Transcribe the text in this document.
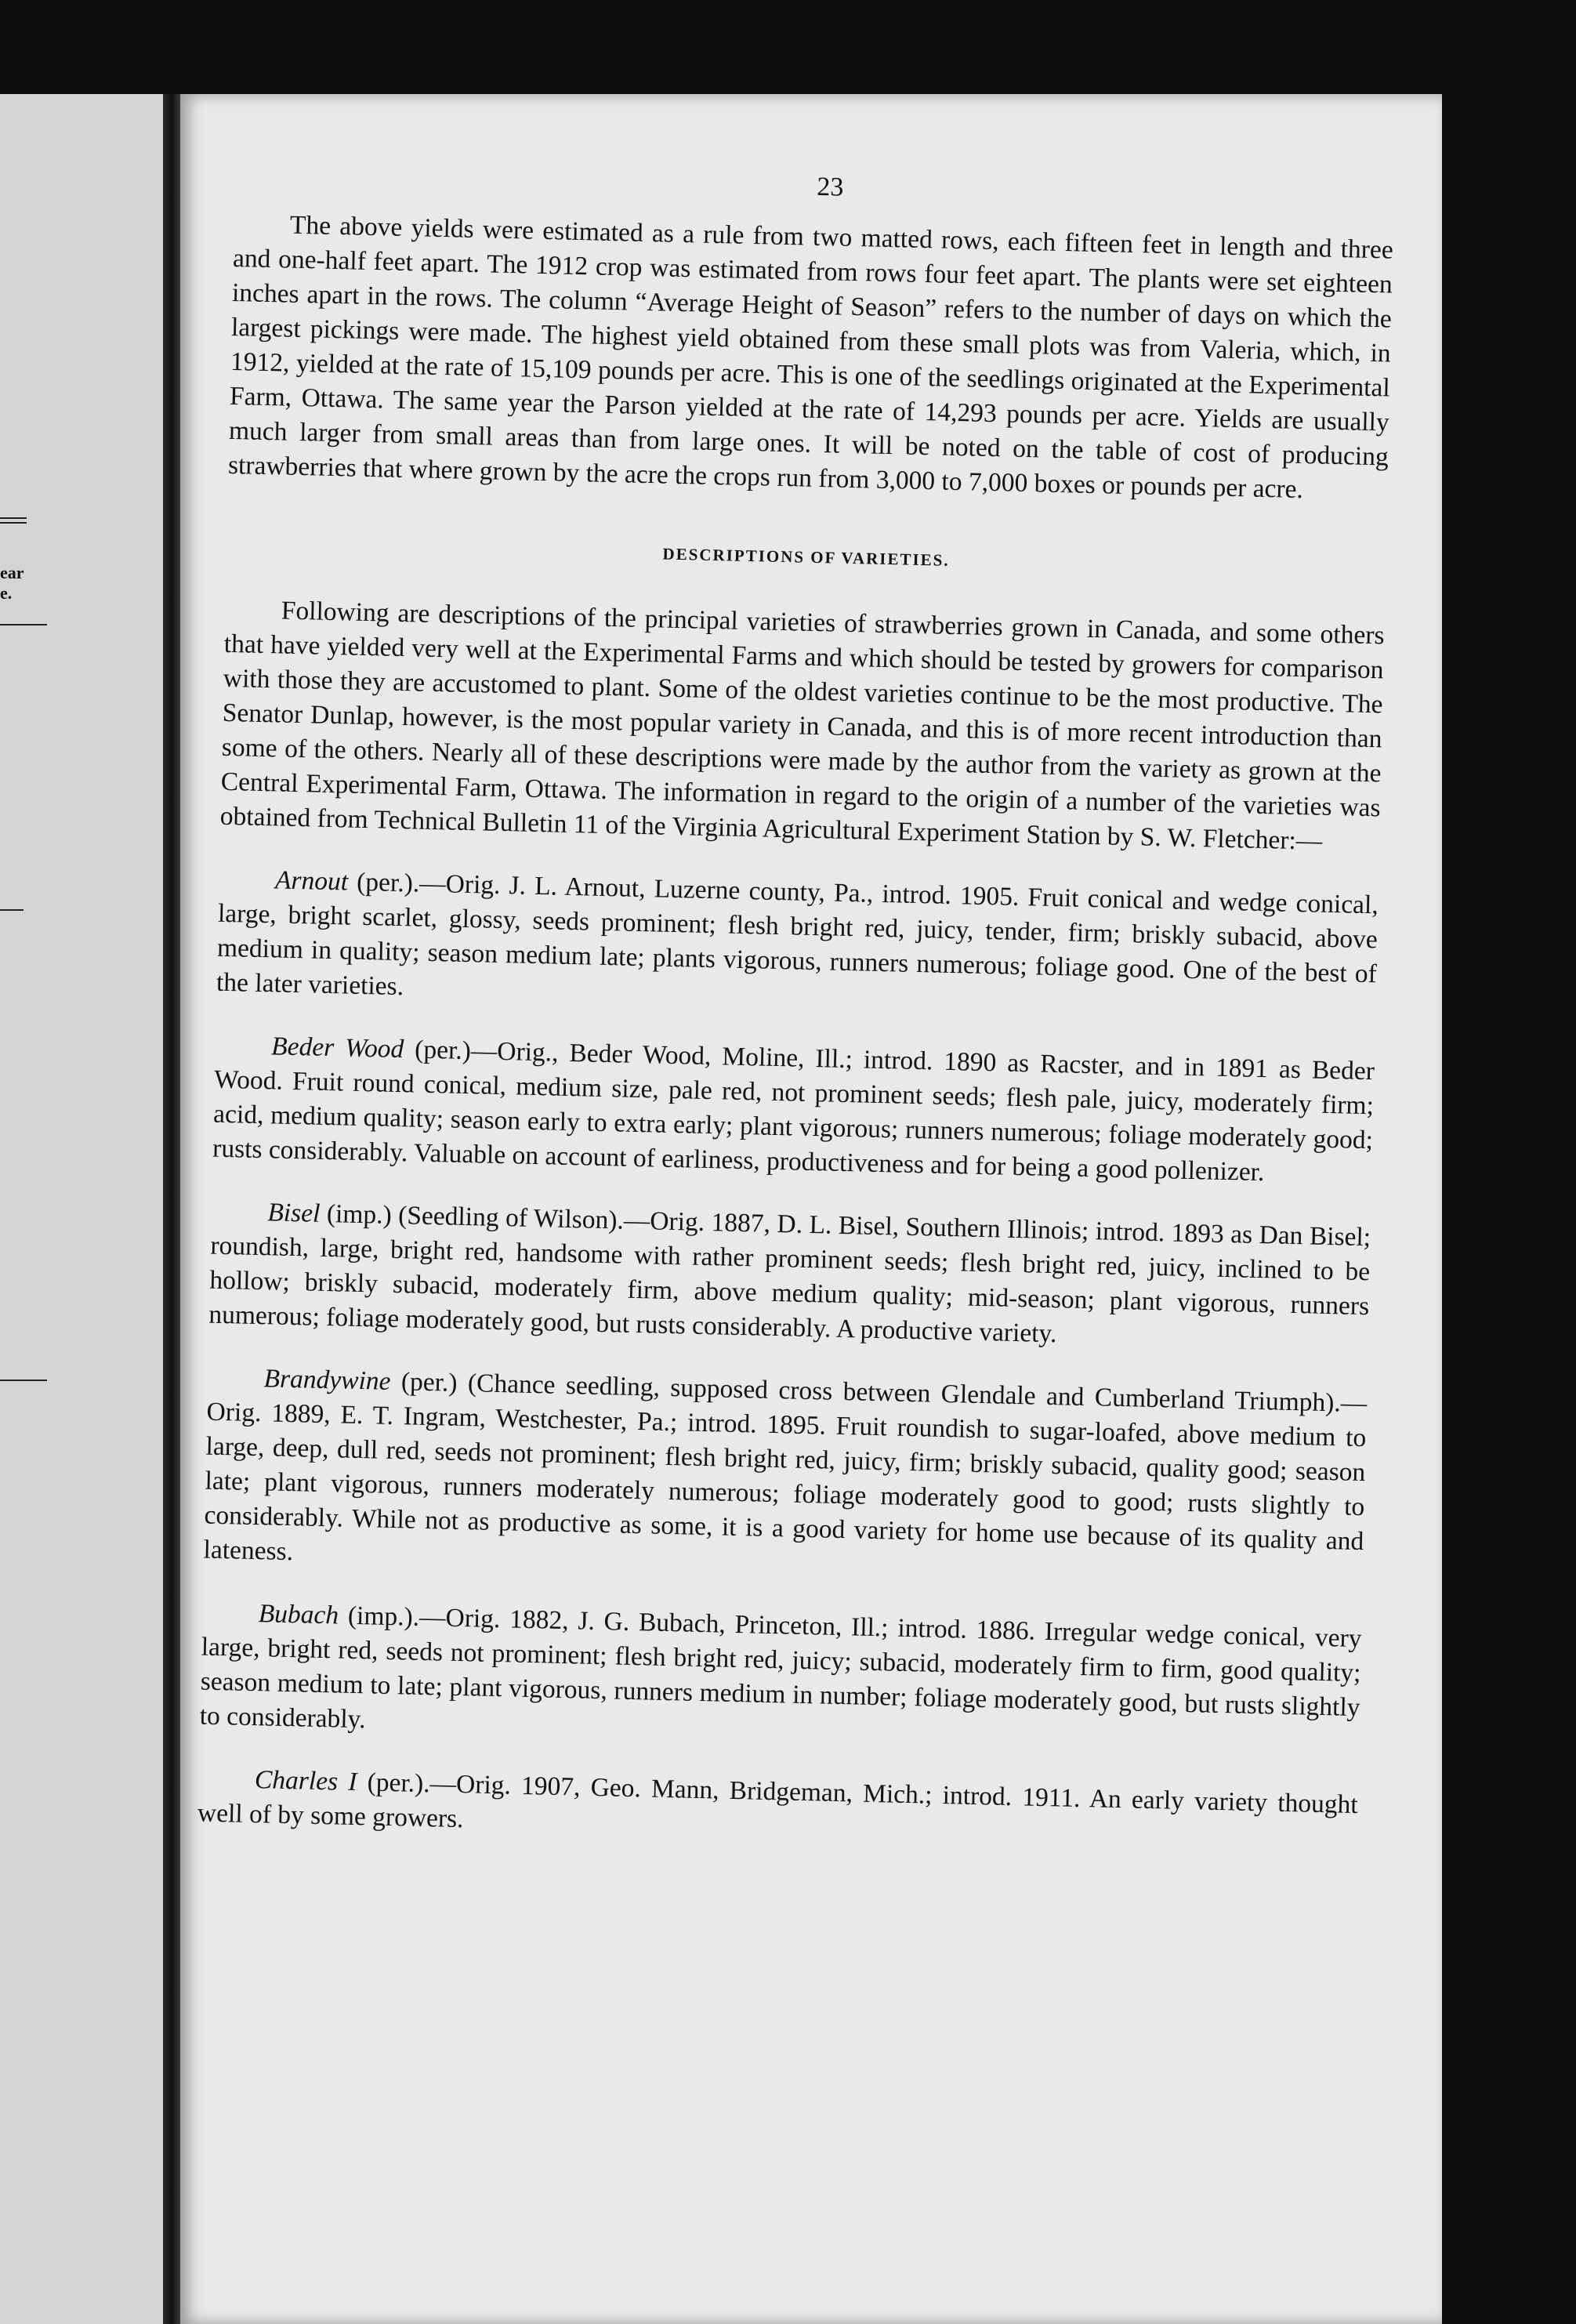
ear
e.
23

The above yields were estimated as a rule from two matted rows, each fifteen feet in length and three and one-half feet apart. The 1912 crop was estimated from rows four feet apart. The plants were set eighteen inches apart in the rows. The column “Average Height of Season” refers to the number of days on which the largest pickings were made. The highest yield obtained from these small plots was from Valeria, which, in 1912, yielded at the rate of 15,109 pounds per acre. This is one of the seedlings originated at the Experimental Farm, Ottawa. The same year the Parson yielded at the rate of 14,293 pounds per acre. Yields are usually much larger from small areas than from large ones. It will be noted on the table of cost of producing strawberries that where grown by the acre the crops run from 3,000 to 7,000 boxes or pounds per acre.

DESCRIPTIONS OF VARIETIES.

Following are descriptions of the principal varieties of strawberries grown in Canada, and some others that have yielded very well at the Experimental Farms and which should be tested by growers for comparison with those they are accustomed to plant. Some of the oldest varieties continue to be the most productive. The Senator Dunlap, however, is the most popular variety in Canada, and this is of more recent introduction than some of the others. Nearly all of these descriptions were made by the author from the variety as grown at the Central Experimental Farm, Ottawa. The information in regard to the origin of a number of the varieties was obtained from Technical Bulletin 11 of the Virginia Agricultural Experiment Station by S. W. Fletcher:—

Arnout (per.).—Orig. J. L. Arnout, Luzerne county, Pa., introd. 1905. Fruit conical and wedge conical, large, bright scarlet, glossy, seeds prominent; flesh bright red, juicy, tender, firm; briskly subacid, above medium in quality; season medium late; plants vigorous, runners numerous; foliage good. One of the best of the later varieties.

Beder Wood (per.)—Orig., Beder Wood, Moline, Ill.; introd. 1890 as Racster, and in 1891 as Beder Wood. Fruit round conical, medium size, pale red, not prominent seeds; flesh pale, juicy, moderately firm; acid, medium quality; season early to extra early; plant vigorous; runners numerous; foliage moderately good; rusts considerably. Valuable on account of earliness, productiveness and for being a good pollenizer.

Bisel (imp.) (Seedling of Wilson).—Orig. 1887, D. L. Bisel, Southern Illinois; introd. 1893 as Dan Bisel; roundish, large, bright red, handsome with rather prominent seeds; flesh bright red, juicy, inclined to be hollow; briskly subacid, moderately firm, above medium quality; mid-season; plant vigorous, runners numerous; foliage moderately good, but rusts considerably. A productive variety.

Brandywine (per.) (Chance seedling, supposed cross between Glendale and Cumberland Triumph).—Orig. 1889, E. T. Ingram, Westchester, Pa.; introd. 1895. Fruit roundish to sugar-loafed, above medium to large, deep, dull red, seeds not prominent; flesh bright red, juicy, firm; briskly subacid, quality good; season late; plant vigorous, runners moderately numerous; foliage moderately good to good; rusts slightly to considerably. While not as productive as some, it is a good variety for home use because of its quality and lateness.

Bubach (imp.).—Orig. 1882, J. G. Bubach, Princeton, Ill.; introd. 1886. Irregular wedge conical, very large, bright red, seeds not prominent; flesh bright red, juicy; subacid, moderately firm to firm, good quality; season medium to late; plant vigorous, runners medium in number; foliage moderately good, but rusts slightly to considerably.

Charles I (per.).—Orig. 1907, Geo. Mann, Bridgeman, Mich.; introd. 1911. An early variety thought well of by some growers.
